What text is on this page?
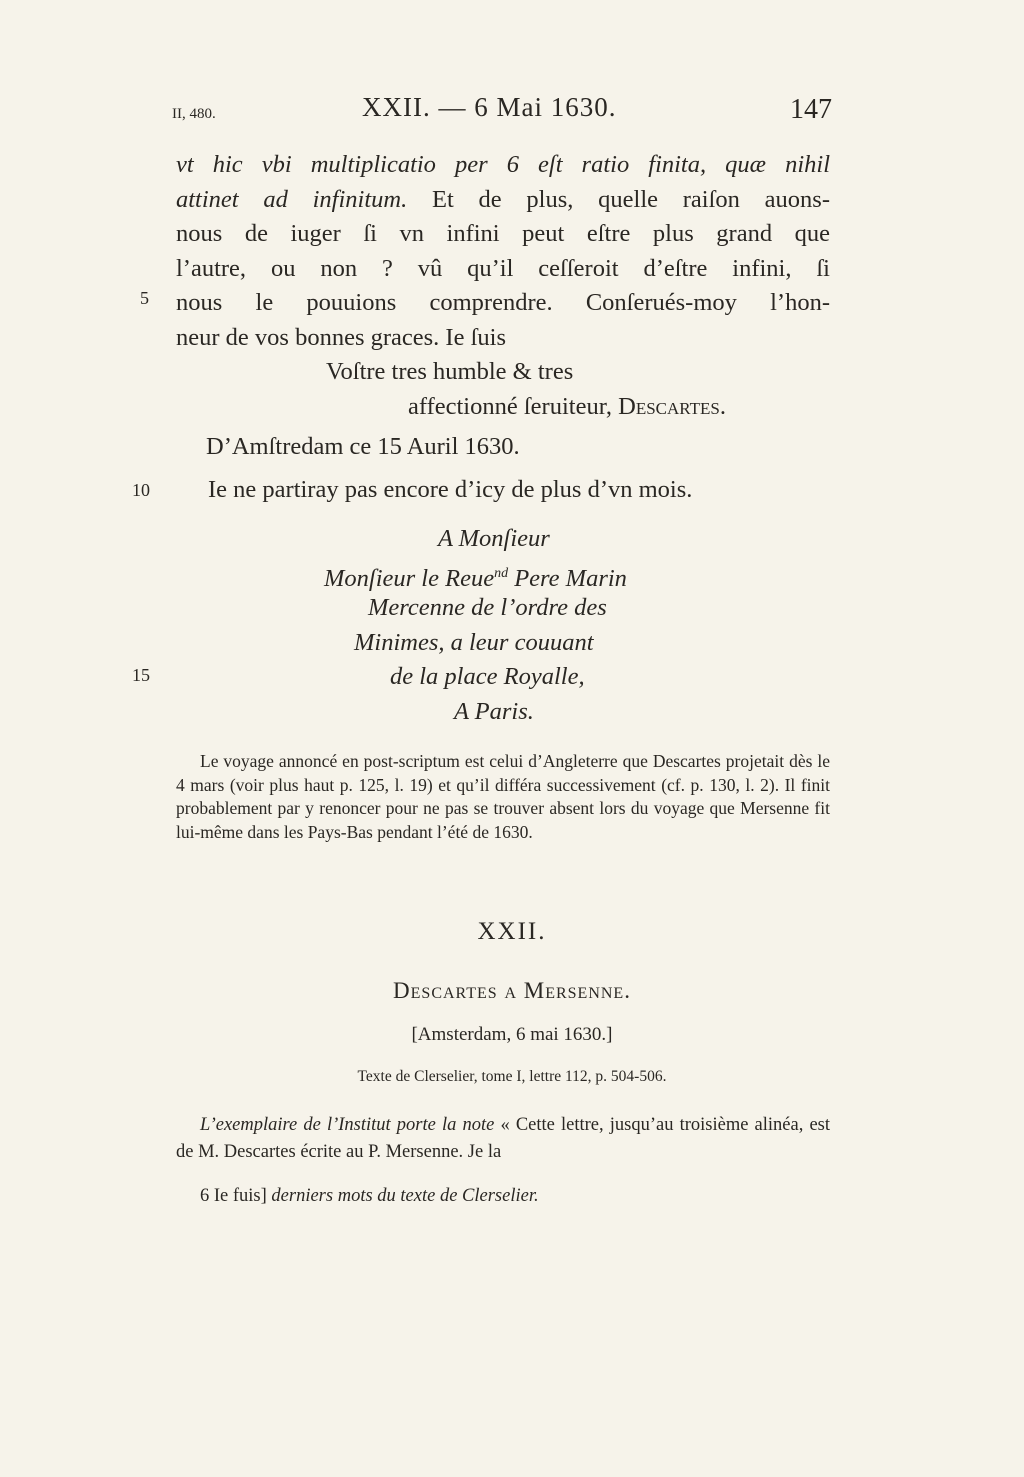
II, 480.	XXII. — 6 Mai 1630.	147
vt hic vbi multiplicatio per 6 eſt ratio finita, quæ nihil
attinet ad infinitum. Et de plus, quelle raiſon auons-
nous de iuger ſi vn infini peut eſtre plus grand que
l’autre, ou non ? vû qu’il ceſſeroit d’eſtre infini, ſi
nous le pouuions comprendre. Conſerués-moy l’hon-
neur de vos bonnes graces. Ie ſuis
Voſtre tres humble & tres
affectionné ſeruiteur, Descartes.
D’Amſtredam ce 15 Auril 1630.
Ie ne partiray pas encore d’icy de plus d’vn mois.
A Monſieur
Monſieur le Reue$^{nd}$ Pere Marin
Mercenne de l’ordre des
Minimes, a leur couuant
de la place Royalle,
A Paris.
5
10
15

Le voyage annoncé en post-scriptum est celui d’Angleterre que Descartes projetait dès le 4 mars (voir plus haut p. 125, l. 19) et qu’il différa successivement (cf. p. 130, l. 2). Il finit probablement par y renoncer pour ne pas se trouver absent lors du voyage que Mersenne fit lui-même dans les Pays-Bas pendant l’été de 1630.

XXII.
Descartes a Mersenne.
[Amsterdam, 6 mai 1630.]
Texte de Clerselier, tome I, lettre 112, p. 504-506.

L’exemplaire de l’Institut porte la note « Cette lettre, jusqu’au troisième alinéa, est de M. Descartes écrite au P. Mersenne. Je la

6 Ie fuis] derniers mots du texte de Clerselier.
